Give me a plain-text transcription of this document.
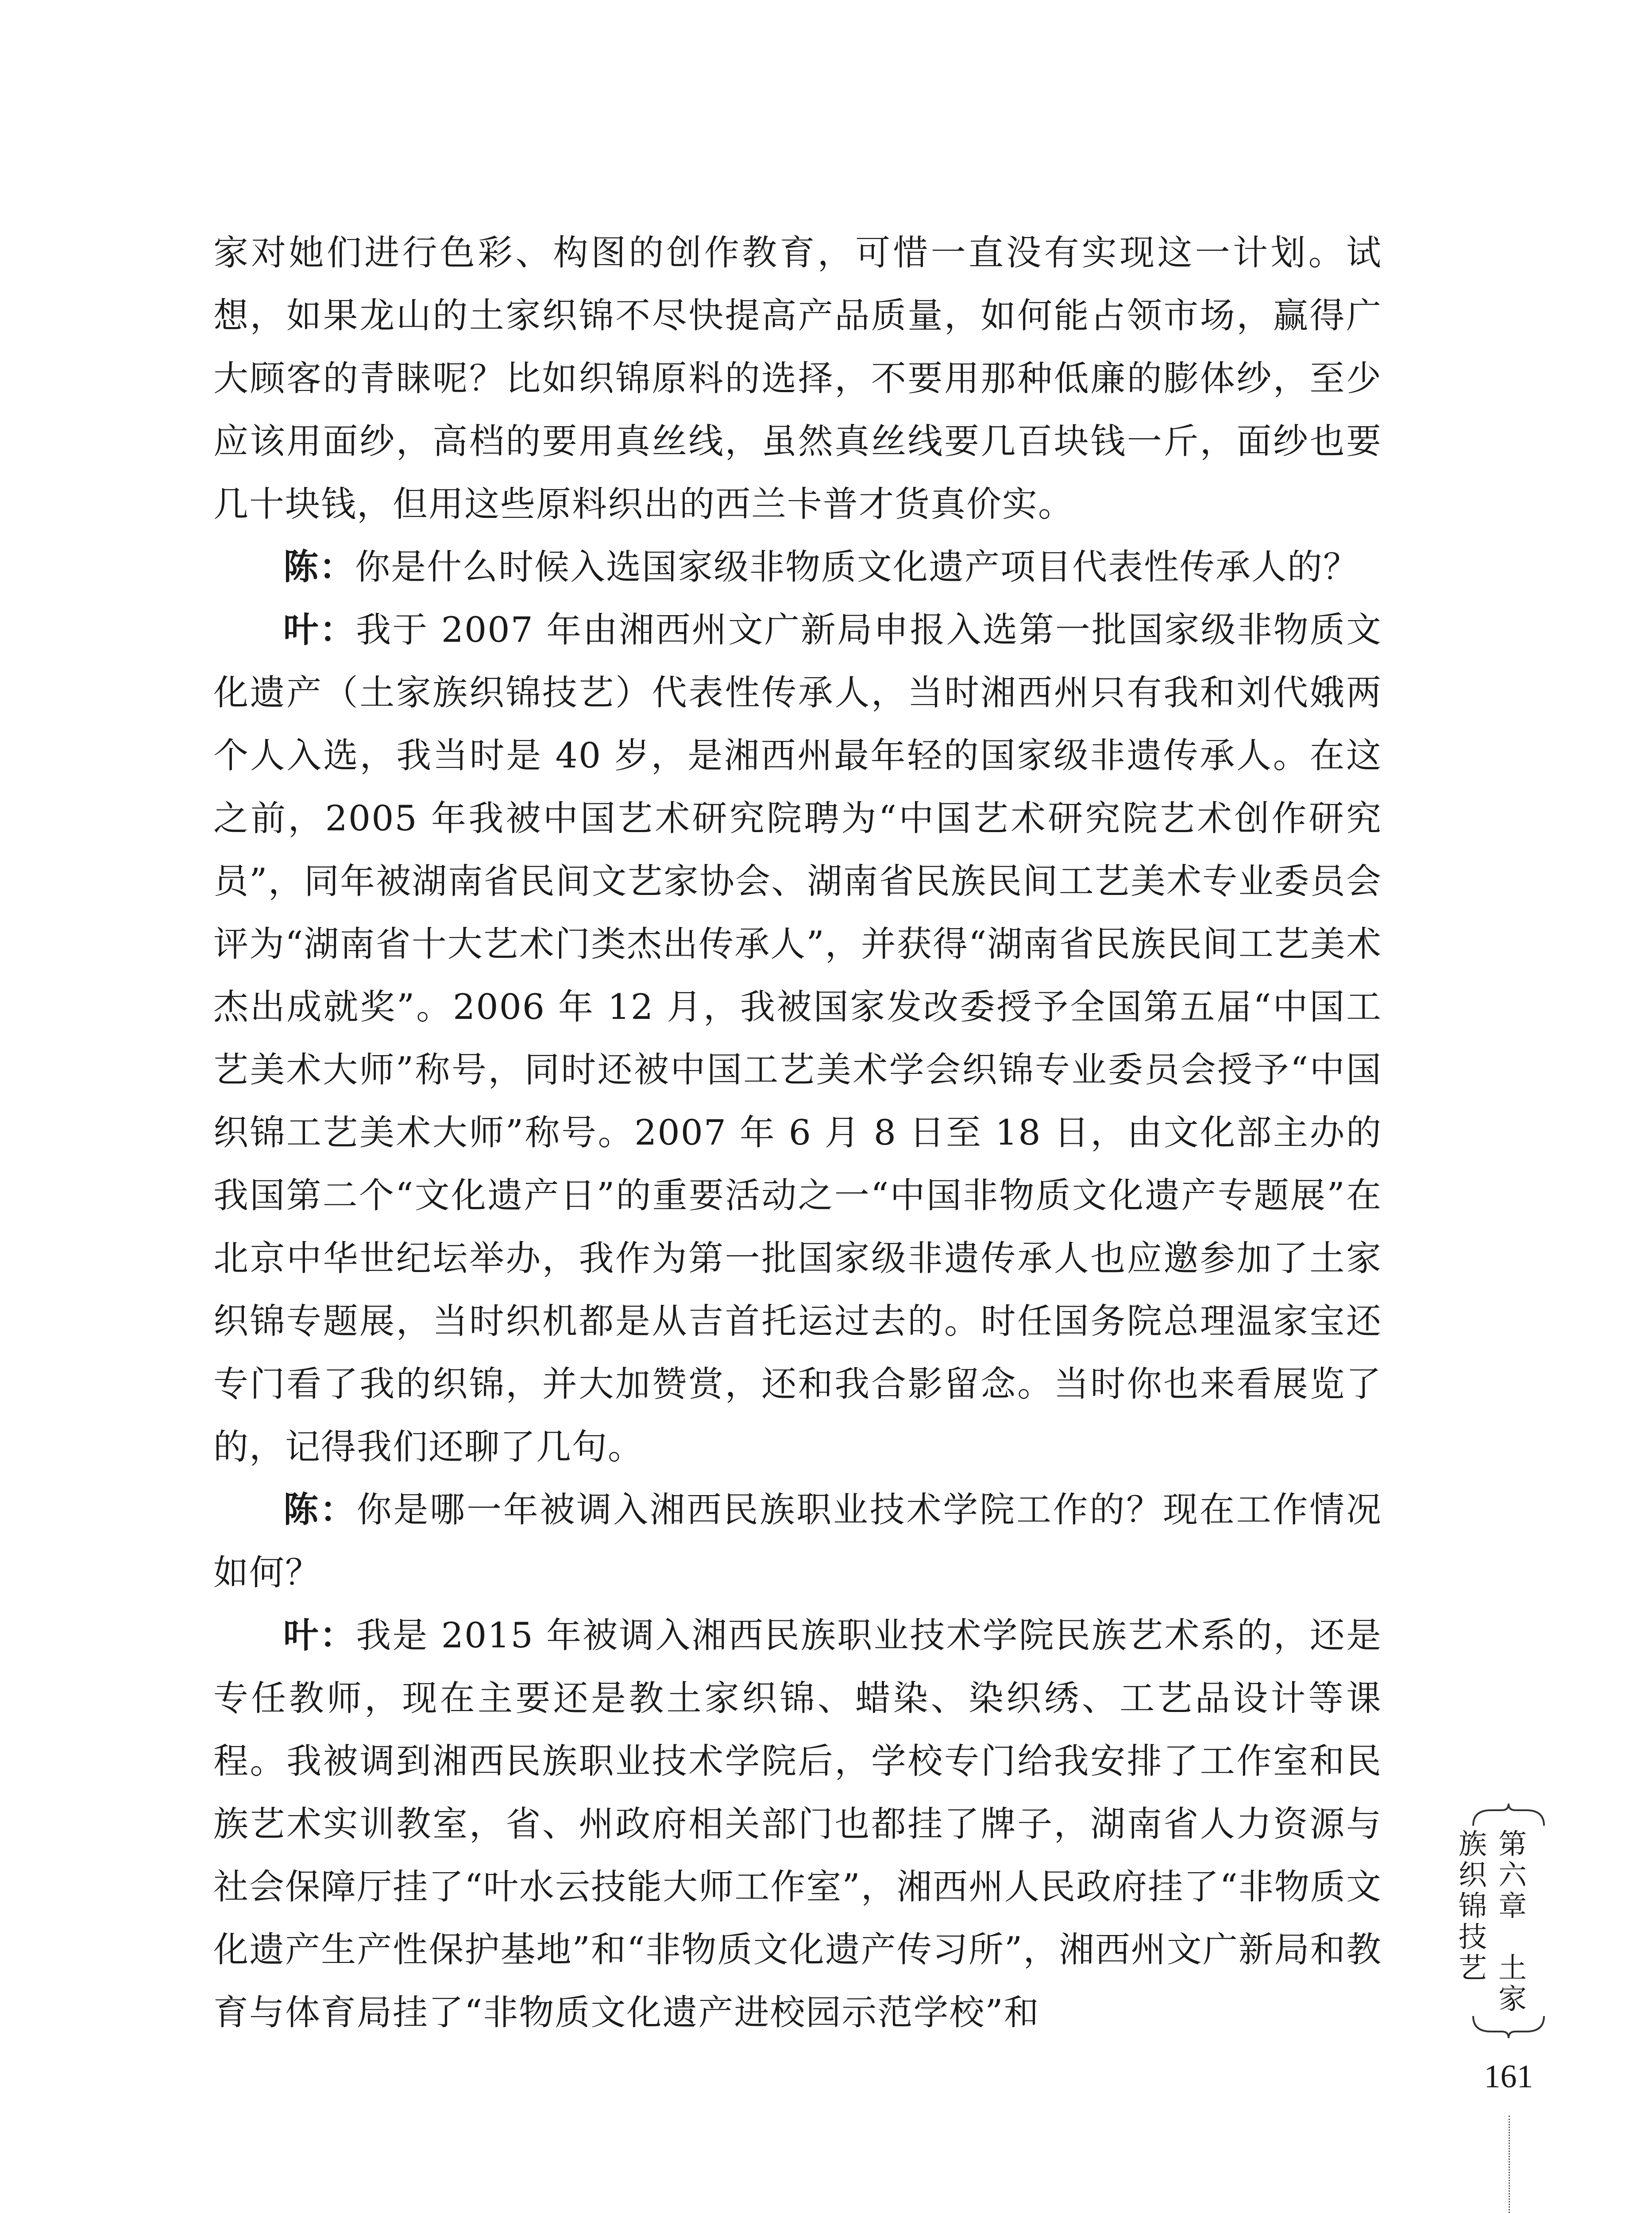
家对她们进行色彩、构图的创作教育，可惜一直没有实现这一计划。试想，如果龙山的土家织锦不尽快提高产品质量，如何能占领市场，赢得广大顾客的青睐呢？比如织锦原料的选择，不要用那种低廉的膨体纱，至少应该用面纱，高档的要用真丝线，虽然真丝线要几百块钱一斤，面纱也要几十块钱，但用这些原料织出的西兰卡普才货真价实。

陈：你是什么时候入选国家级非物质文化遗产项目代表性传承人的？

叶：我于 2007 年由湘西州文广新局申报入选第一批国家级非物质文化遗产（土家族织锦技艺）代表性传承人，当时湘西州只有我和刘代娥两个人入选，我当时是 40 岁，是湘西州最年轻的国家级非遗传承人。在这之前，2005 年我被中国艺术研究院聘为“中国艺术研究院艺术创作研究员”，同年被湖南省民间文艺家协会、湖南省民族民间工艺美术专业委员会评为“湖南省十大艺术门类杰出传承人”，并获得“湖南省民族民间工艺美术杰出成就奖”。2006 年 12 月，我被国家发改委授予全国第五届“中国工艺美术大师”称号，同时还被中国工艺美术学会织锦专业委员会授予“中国织锦工艺美术大师”称号。2007 年 6 月 8 日至 18 日，由文化部主办的我国第二个“文化遗产日”的重要活动之一“中国非物质文化遗产专题展”在北京中华世纪坛举办，我作为第一批国家级非遗传承人也应邀参加了土家织锦专题展，当时织机都是从吉首托运过去的。时任国务院总理温家宝还专门看了我的织锦，并大加赞赏，还和我合影留念。当时你也来看展览了的，记得我们还聊了几句。

陈：你是哪一年被调入湘西民族职业技术学院工作的？现在工作情况如何？

叶：我是 2015 年被调入湘西民族职业技术学院民族艺术系的，还是专任教师，现在主要还是教土家织锦、蜡染、染织绣、工艺品设计等课程。我被调到湘西民族职业技术学院后，学校专门给我安排了工作室和民族艺术实训教室，省、州政府相关部门也都挂了牌子，湖南省人力资源与社会保障厅挂了“叶水云技能大师工作室”，湘西州人民政府挂了“非物质文化遗产生产性保护基地”和“非物质文化遗产传习所”，湘西州文广新局和教育与体育局挂了“非物质文化遗产进校园示范学校”和

第六章　土家族织锦技艺
161
